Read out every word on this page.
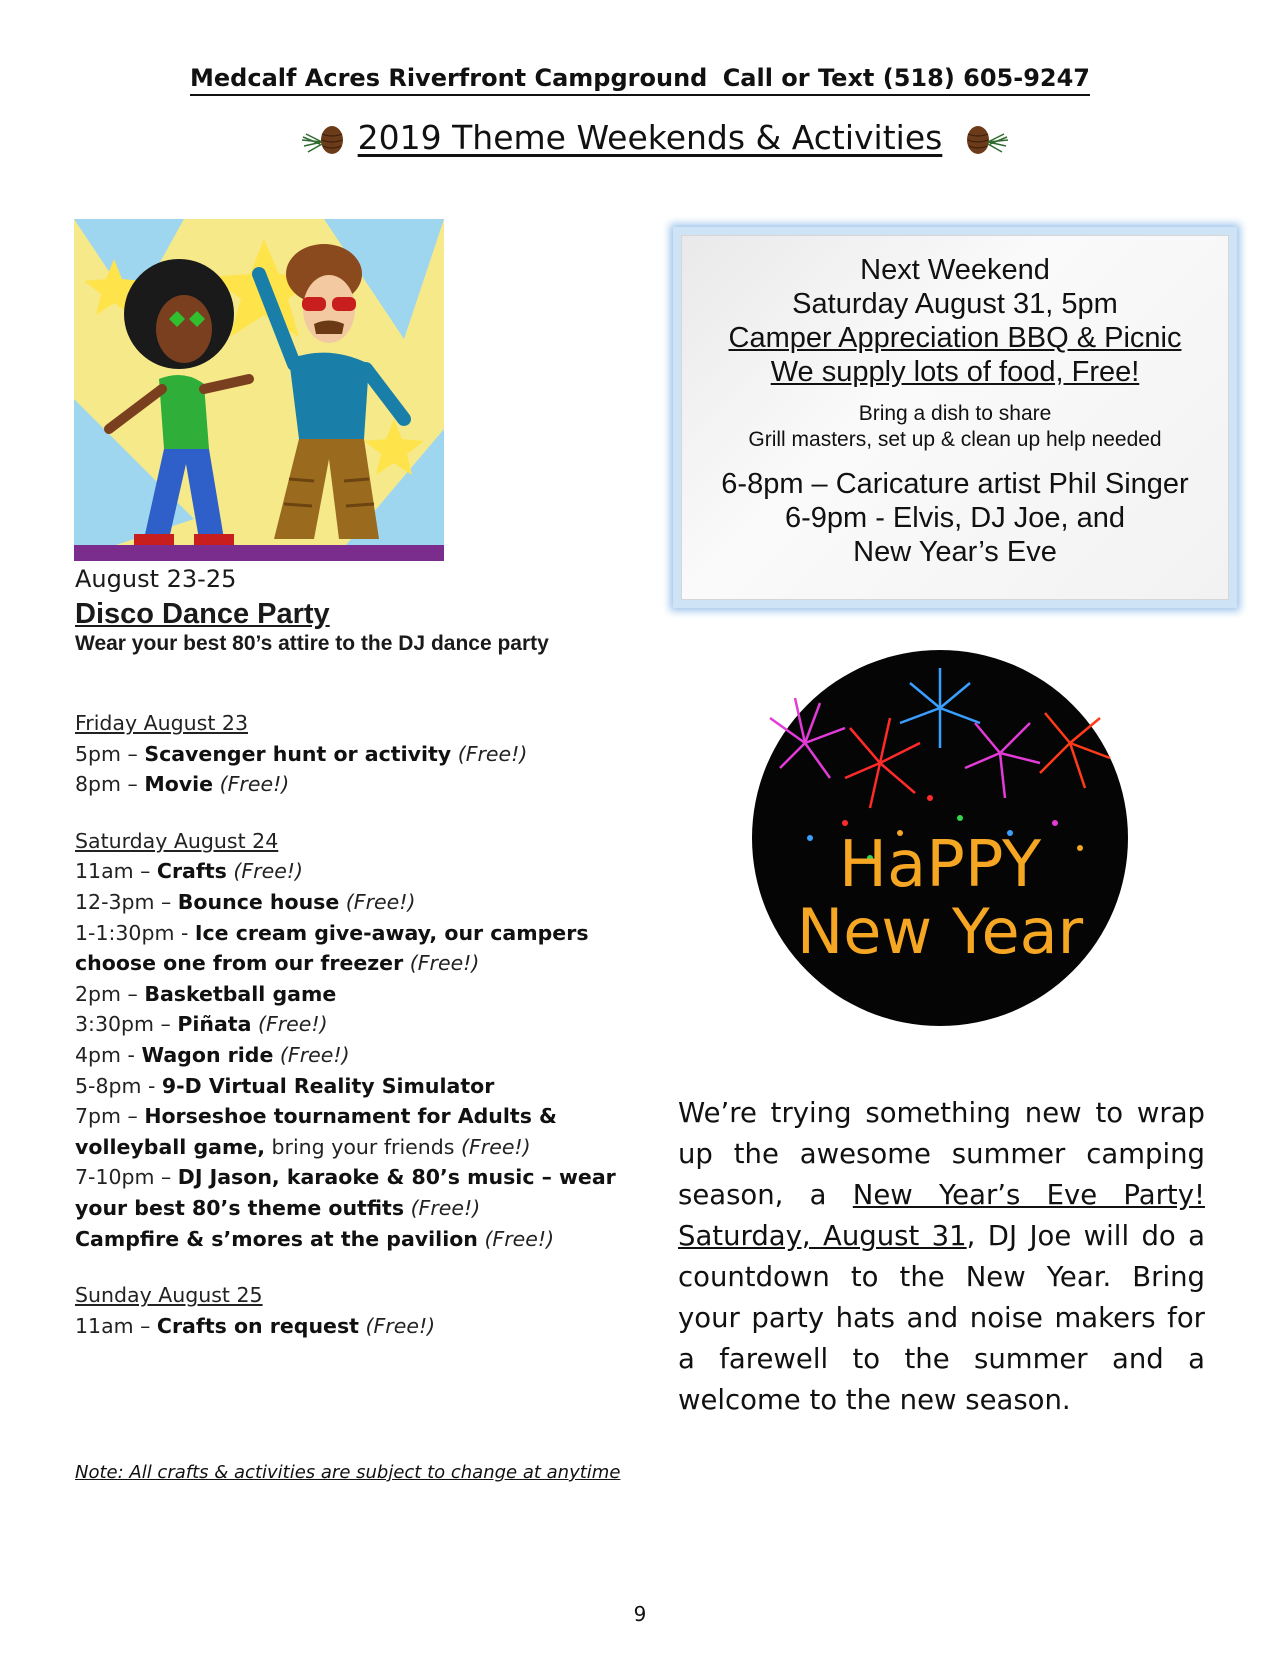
Medcalf Acres Riverfront Campground Call or Text (518) 605-9247
2019 Theme Weekends & Activities
August 23-25
Disco Dance Party
Wear your best 80’s attire to the DJ dance party
Friday August 23
5pm – Scavenger hunt or activity (Free!)
8pm – Movie (Free!)
Saturday August 24
11am – Crafts (Free!)
12-3pm – Bounce house (Free!)
1-1:30pm - Ice cream give-away, our campers choose one from our freezer (Free!)
2pm – Basketball game
3:30pm – Piñata (Free!)
4pm - Wagon ride (Free!)
5-8pm - 9-D Virtual Reality Simulator
7pm – Horseshoe tournament for Adults & volleyball game, bring your friends (Free!)
7-10pm – DJ Jason, karaoke & 80’s music – wear your best 80’s theme outfits (Free!)
Campfire & s’mores at the pavilion (Free!)
Sunday August 25
11am – Crafts on request (Free!)
Note: All crafts & activities are subject to change at anytime
Next Weekend
Saturday August 31, 5pm
Camper Appreciation BBQ & Picnic
We supply lots of food, Free!
Bring a dish to share
Grill masters, set up & clean up help needed
6-8pm – Caricature artist Phil Singer
6-9pm - Elvis, DJ Joe, and
New Year’s Eve
HaPPY
New Year
We’re trying something new to wrap up the awesome summer camping season, a New Year’s Eve Party! Saturday, August 31, DJ Joe will do a countdown to the New Year. Bring your party hats and noise makers for a farewell to the summer and a welcome to the new season.
9
